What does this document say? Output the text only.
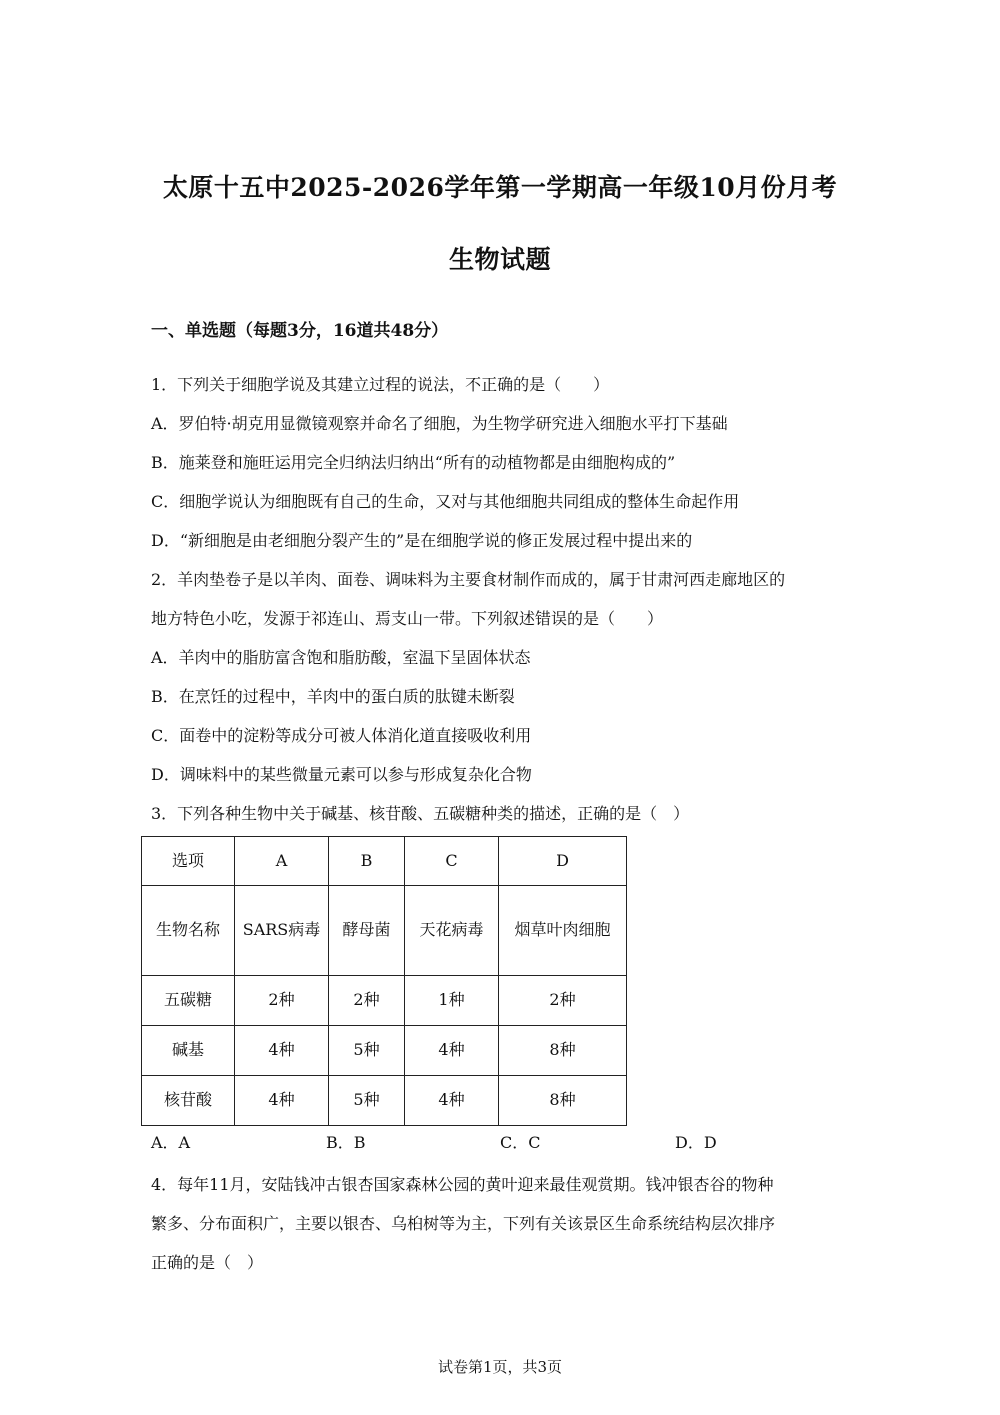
太原十五中2025-2026学年第一学期高一年级10月份月考
生物试题
一、单选题（每题3分，16道共48分）
1．下列关于细胞学说及其建立过程的说法，不正确的是（　　）
A．罗伯特·胡克用显微镜观察并命名了细胞，为生物学研究进入细胞水平打下基础
B．施莱登和施旺运用完全归纳法归纳出“所有的动植物都是由细胞构成的”
C．细胞学说认为细胞既有自己的生命，又对与其他细胞共同组成的整体生命起作用
D．“新细胞是由老细胞分裂产生的”是在细胞学说的修正发展过程中提出来的
2．羊肉垫卷子是以羊肉、面卷、调味料为主要食材制作而成的，属于甘肃河西走廊地区的
地方特色小吃，发源于祁连山、焉支山一带。下列叙述错误的是（　　）
A．羊肉中的脂肪富含饱和脂肪酸，室温下呈固体状态
B．在烹饪的过程中，羊肉中的蛋白质的肽键未断裂
C．面卷中的淀粉等成分可被人体消化道直接吸收利用
D．调味料中的某些微量元素可以参与形成复杂化合物
3．下列各种生物中关于碱基、核苷酸、五碳糖种类的描述，正确的是（　）
选项	A	B	C	D
生物名称	SARS病毒	酵母菌	天花病毒	烟草叶肉细胞
五碳糖	2种	2种	1种	2种
碱基	4种	5种	4种	8种
核苷酸	4种	5种	4种	8种
A．A	B．B	C．C	D．D
4．每年11月，安陆钱冲古银杏国家森林公园的黄叶迎来最佳观赏期。钱冲银杏谷的物种
繁多、分布面积广，主要以银杏、乌桕树等为主，下列有关该景区生命系统结构层次排序
正确的是（　）
试卷第1页，共3页
